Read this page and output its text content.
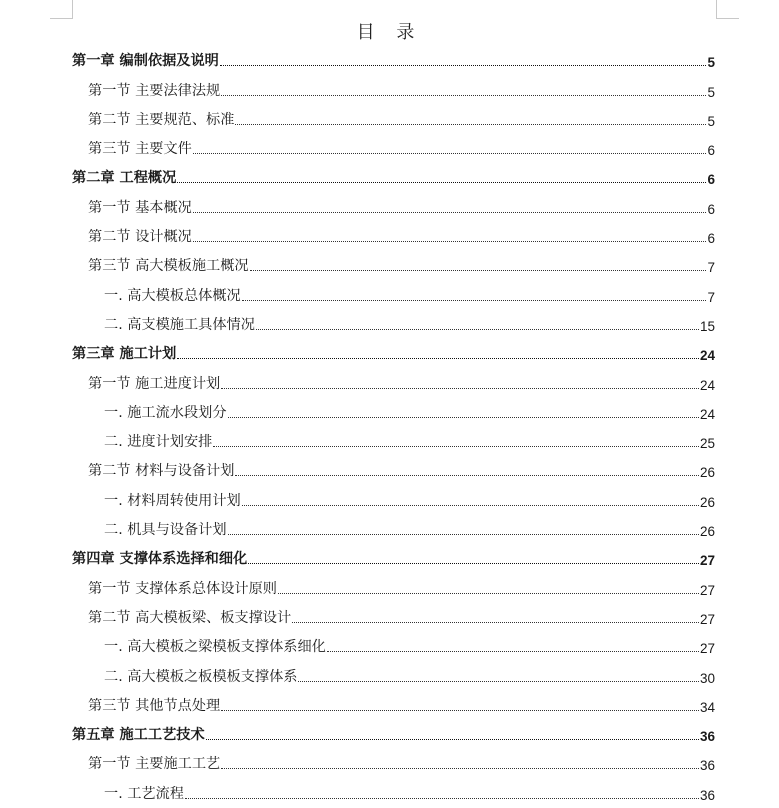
目 录
第一章 编制依据及说明	5
第一节 主要法律法规	5
第二节 主要规范、标准	5
第三节 主要文件	6
第二章 工程概况	6
第一节 基本概况	6
第二节 设计概况	6
第三节 高大模板施工概况	7
一. 高大模板总体概况	7
二. 高支模施工具体情况	15
第三章 施工计划	24
第一节 施工进度计划	24
一. 施工流水段划分	24
二. 进度计划安排	25
第二节 材料与设备计划	26
一. 材料周转使用计划	26
二. 机具与设备计划	26
第四章 支撑体系选择和细化	27
第一节 支撑体系总体设计原则	27
第二节 高大模板梁、板支撑设计	27
一. 高大模板之梁模板支撑体系细化	27
二. 高大模板之板模板支撑体系	30
第三节 其他节点处理	34
第五章 施工工艺技术	36
第一节 主要施工工艺	36
一. 工艺流程	36
